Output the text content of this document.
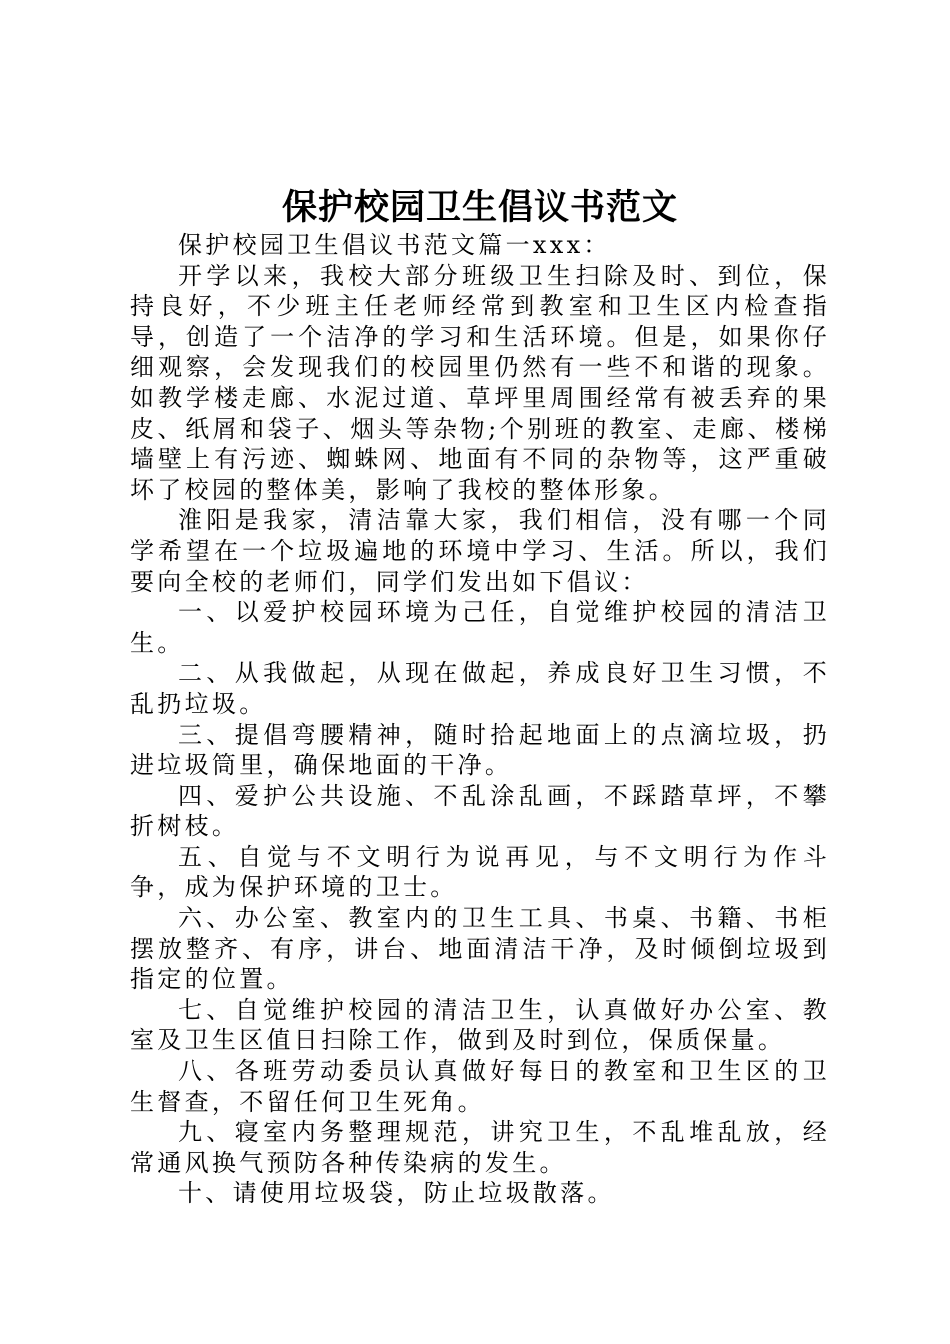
保护校园卫生倡议书范文

保护校园卫生倡议书范文篇一xxx：

开学以来，我校大部分班级卫生扫除及时、到位，保持良好，不少班主任老师经常到教室和卫生区内检查指导，创造了一个洁净的学习和生活环境。但是，如果你仔细观察，会发现我们的校园里仍然有一些不和谐的现象。如教学楼走廊、水泥过道、草坪里周围经常有被丢弃的果皮、纸屑和袋子、烟头等杂物;个别班的教室、走廊、楼梯墙壁上有污迹、蜘蛛网、地面有不同的杂物等，这严重破坏了校园的整体美，影响了我校的整体形象。

淮阳是我家，清洁靠大家，我们相信，没有哪一个同学希望在一个垃圾遍地的环境中学习、生活。所以，我们要向全校的老师们，同学们发出如下倡议：

一、以爱护校园环境为己任，自觉维护校园的清洁卫生。

二、从我做起，从现在做起，养成良好卫生习惯，不乱扔垃圾。

三、提倡弯腰精神，随时拾起地面上的点滴垃圾，扔进垃圾筒里，确保地面的干净。

四、爱护公共设施、不乱涂乱画，不踩踏草坪，不攀折树枝。

五、自觉与不文明行为说再见，与不文明行为作斗争，成为保护环境的卫士。

六、办公室、教室内的卫生工具、书桌、书籍、书柜摆放整齐、有序，讲台、地面清洁干净，及时倾倒垃圾到指定的位置。

七、自觉维护校园的清洁卫生，认真做好办公室、教室及卫生区值日扫除工作，做到及时到位，保质保量。

八、各班劳动委员认真做好每日的教室和卫生区的卫生督查，不留任何卫生死角。

九、寝室内务整理规范，讲究卫生，不乱堆乱放，经常通风换气预防各种传染病的发生。

十、请使用垃圾袋，防止垃圾散落。
